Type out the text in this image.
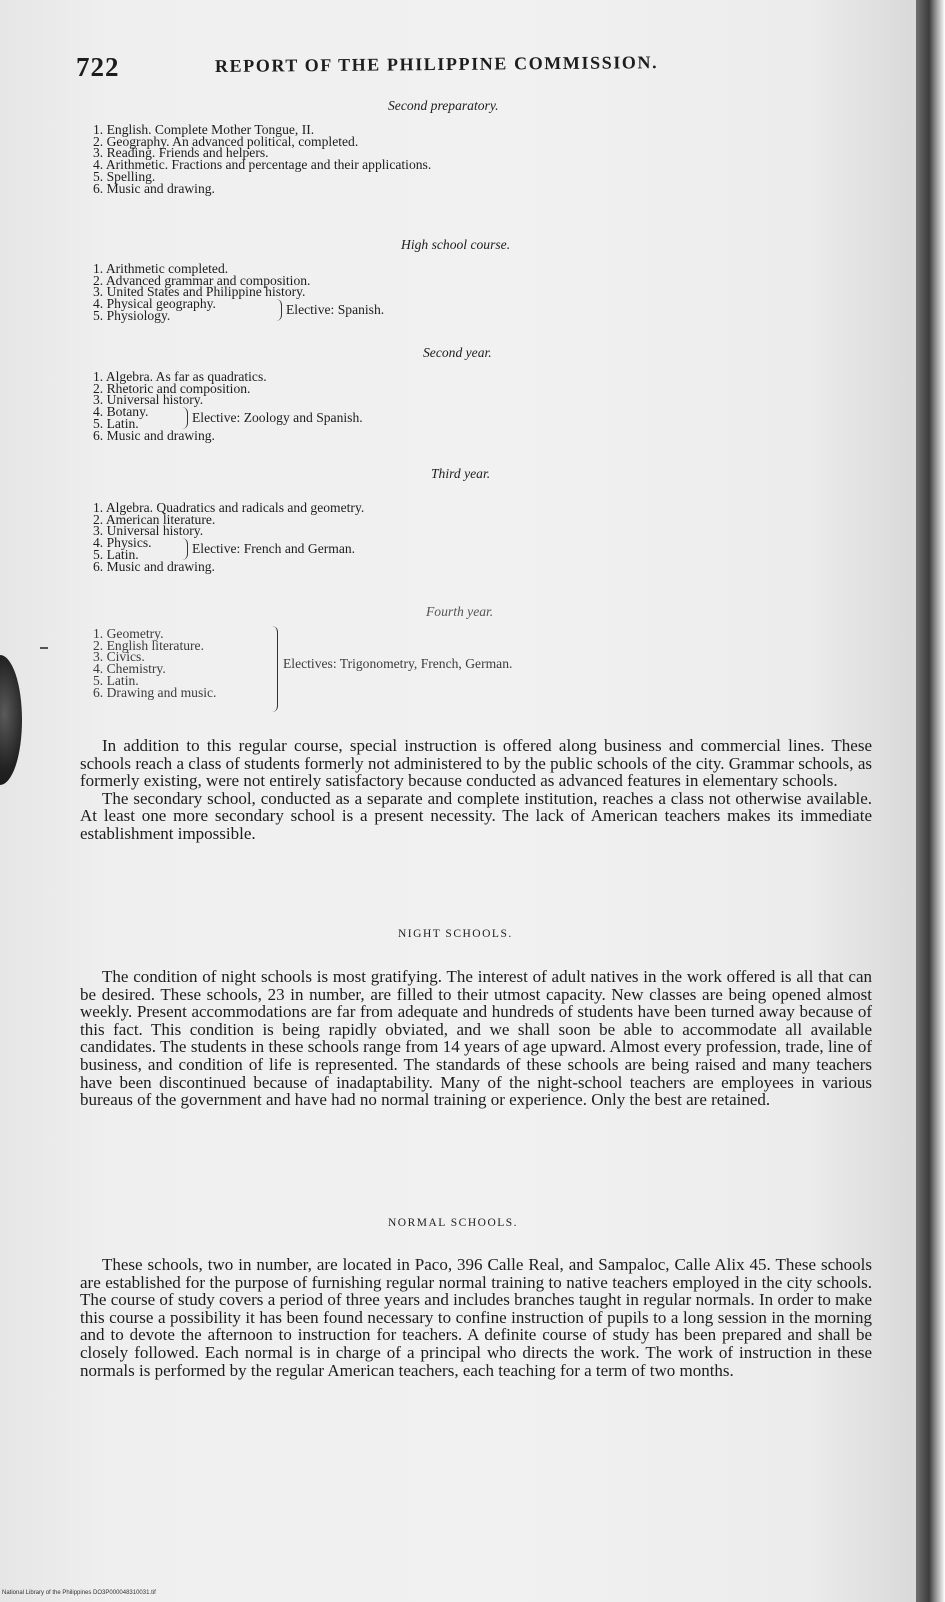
722	REPORT OF THE PHILIPPINE COMMISSION.
Second preparatory.
1. English. Complete Mother Tongue, II.
2. Geography. An advanced political, completed.
3. Reading. Friends and helpers.
4. Arithmetic. Fractions and percentage and their applications.
5. Spelling.
6. Music and drawing.
High school course.
1. Arithmetic completed.
2. Advanced grammar and composition.
3. United States and Philippine history.
4. Physical geography.
5. Physiology.	Elective: Spanish.
Second year.
1. Algebra. As far as quadratics.
2. Rhetoric and composition.
3. Universal history.
4. Botany.
5. Latin.	Elective: Zoology and Spanish.
6. Music and drawing.
Third year.
1. Algebra. Quadratics and radicals and geometry.
2. American literature.
3. Universal history.
4. Physics.
5. Latin.	Elective: French and German.
6. Music and drawing.
Fourth year.
1. Geometry.
2. English literature.
3. Civics.
4. Chemistry.
5. Latin.
6. Drawing and music.
Electives: Trigonometry, French, German.

In addition to this regular course, special instruction is offered along business and commercial lines. These schools reach a class of students formerly not administered to by the public schools of the city. Grammar schools, as formerly existing, were not entirely satisfactory because conducted as advanced features in elementary schools.

The secondary school, conducted as a separate and complete institution, reaches a class not otherwise available. At least one more secondary school is a present necessity. The lack of American teachers makes its immediate establishment impossible.

NIGHT SCHOOLS.

The condition of night schools is most gratifying. The interest of adult natives in the work offered is all that can be desired. These schools, 23 in number, are filled to their utmost capacity. New classes are being opened almost weekly. Present accommodations are far from adequate and hundreds of students have been turned away because of this fact. This condition is being rapidly obviated, and we shall soon be able to accommodate all available candidates. The students in these schools range from 14 years of age upward. Almost every profession, trade, line of business, and condition of life is represented. The standards of these schools are being raised and many teachers have been discontinued because of inadaptability. Many of the night-school teachers are employees in various bureaus of the government and have had no normal training or experience. Only the best are retained.

NORMAL SCHOOLS.

These schools, two in number, are located in Paco, 396 Calle Real, and Sampaloc, Calle Alix 45. These schools are established for the purpose of furnishing regular normal training to native teachers employed in the city schools. The course of study covers a period of three years and includes branches taught in regular normals. In order to make this course a possibility it has been found necessary to confine instruction of pupils to a long session in the morning and to devote the afternoon to instruction for teachers. A definite course of study has been prepared and shall be closely followed. Each normal is in charge of a principal who directs the work. The work of instruction in these normals is performed by the regular American teachers, each teaching for a term of two months.

National Library of the Philippines DO3P000048310031.tif
